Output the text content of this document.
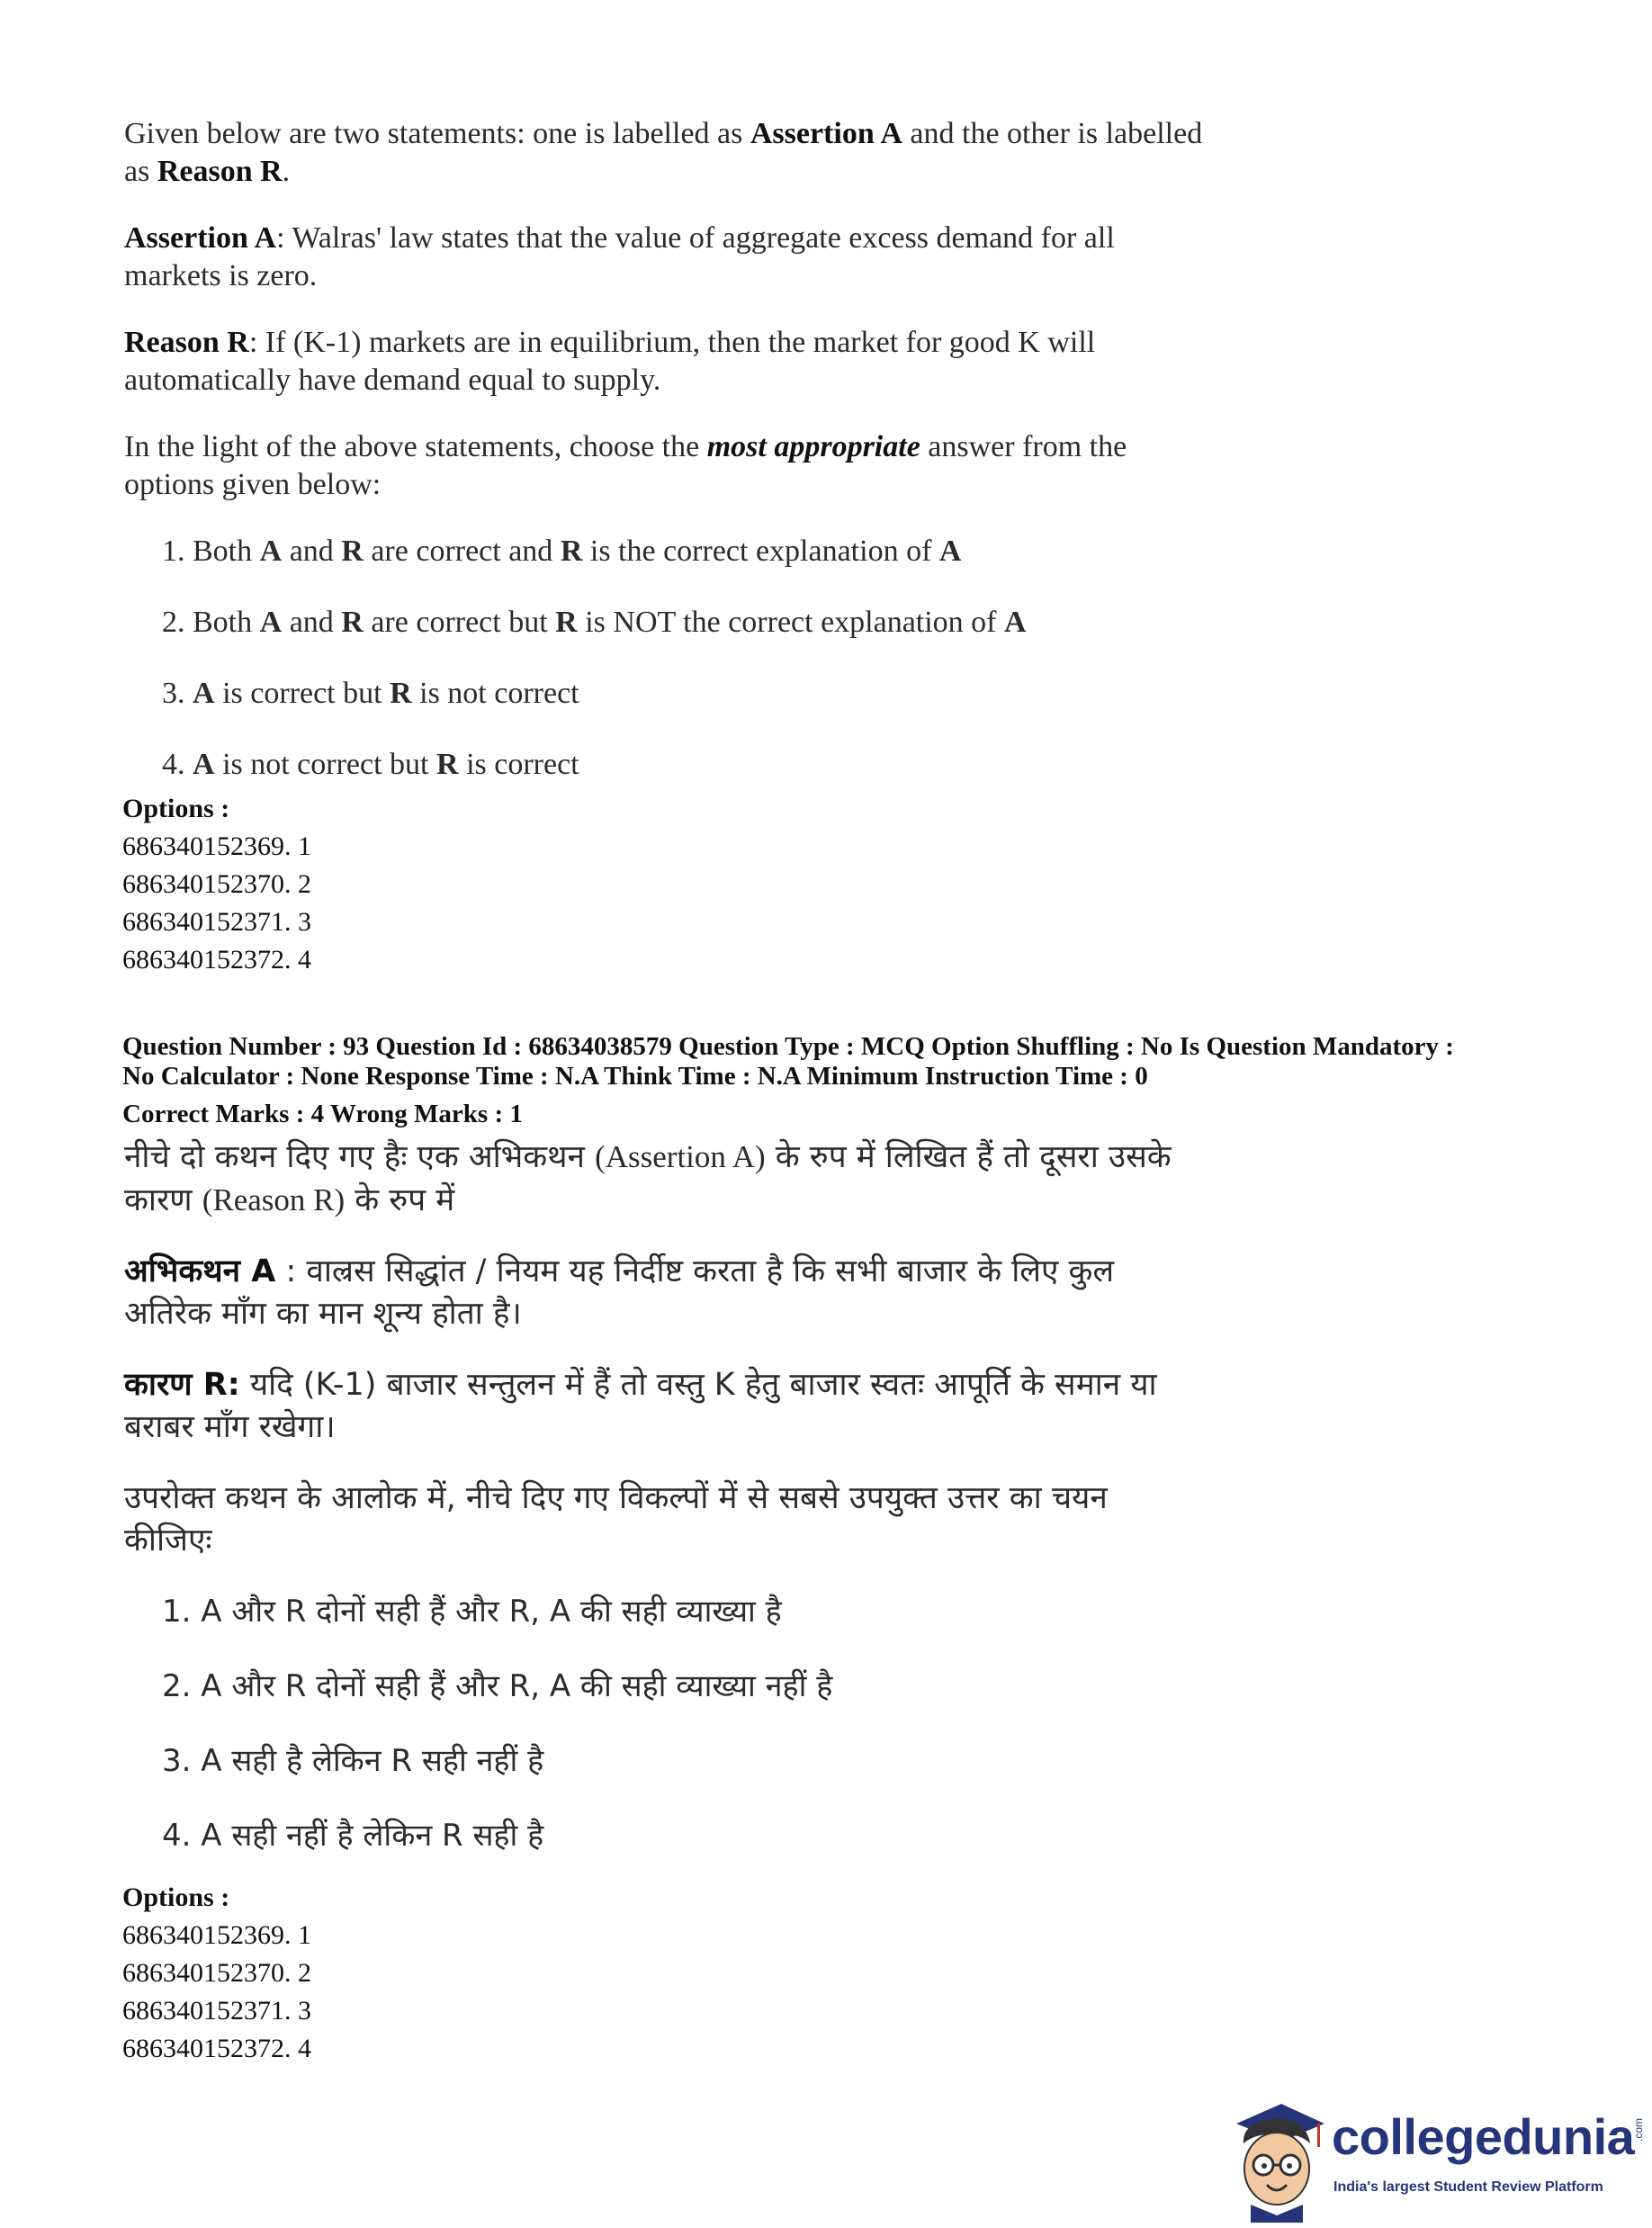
Given below are two statements: one is labelled as Assertion A and the other is labelled as Reason R.

Assertion A: Walras' law states that the value of aggregate excess demand for all markets is zero.

Reason R: If (K-1) markets are in equilibrium, then the market for good K will automatically have demand equal to supply.

In the light of the above statements, choose the most appropriate answer from the options given below:

1. Both A and R are correct and R is the correct explanation of A
2. Both A and R are correct but R is NOT the correct explanation of A
3. A is correct but R is not correct
4. A is not correct but R is correct
Options :
686340152369. 1
686340152370. 2
686340152371. 3
686340152372. 4
Question Number : 93 Question Id : 68634038579 Question Type : MCQ Option Shuffling : No Is Question Mandatory :
No Calculator : None Response Time : N.A Think Time : N.A Minimum Instruction Time : 0
Correct Marks : 4 Wrong Marks : 1

नीचे दो कथन दिए गए हैः एक अभिकथन (Assertion A) के रुप में लिखित हैं तो दूसरा उसके कारण (Reason R) के रुप में

अभिकथन A : वाल्रस सिद्धांत / नियम यह निर्दीष्ट करता है कि सभी बाजार के लिए कुल अतिरेक माँग का मान शून्य होता है।

कारण R: यदि (K-1) बाजार सन्तुलन में हैं तो वस्तु K हेतु बाजार स्वतः आपूर्ति के समान या बराबर माँग रखेगा।

उपरोक्त कथन के आलोक में, नीचे दिए गए विकल्पों में से सबसे उपयुक्त उत्तर का चयन कीजिएः

1. A और R दोनों सही हैं और R, A की सही व्याख्या है
2. A और R दोनों सही हैं और R, A की सही व्याख्या नहीं है
3. A सही है लेकिन R सही नहीं है
4. A सही नहीं है लेकिन R सही है
Options :
686340152369. 1
686340152370. 2
686340152371. 3
686340152372. 4
collegedunia
.com
India's largest Student Review Platform
